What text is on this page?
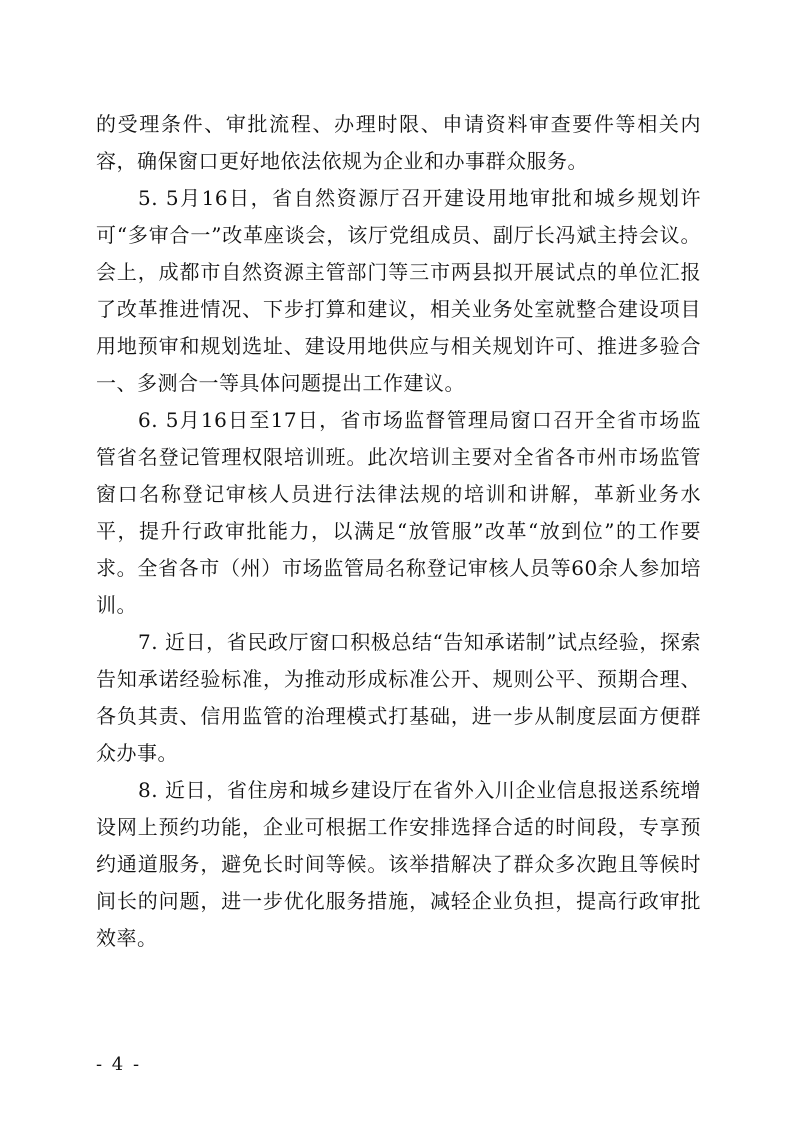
的受理条件、审批流程、办理时限、申请资料审查要件等相关内容，确保窗口更好地依法依规为企业和办事群众服务。

5. 5月16日，省自然资源厅召开建设用地审批和城乡规划许可“多审合一”改革座谈会，该厅党组成员、副厅长冯斌主持会议。会上，成都市自然资源主管部门等三市两县拟开展试点的单位汇报了改革推进情况、下步打算和建议，相关业务处室就整合建设项目用地预审和规划选址、建设用地供应与相关规划许可、推进多验合一、多测合一等具体问题提出工作建议。

6. 5月16日至17日，省市场监督管理局窗口召开全省市场监管省名登记管理权限培训班。此次培训主要对全省各市州市场监管窗口名称登记审核人员进行法律法规的培训和讲解，革新业务水平，提升行政审批能力，以满足“放管服”改革“放到位”的工作要求。全省各市（州）市场监管局名称登记审核人员等60余人参加培训。

7. 近日，省民政厅窗口积极总结“告知承诺制”试点经验，探索告知承诺经验标准，为推动形成标准公开、规则公平、预期合理、各负其责、信用监管的治理模式打基础，进一步从制度层面方便群众办事。

8. 近日，省住房和城乡建设厅在省外入川企业信息报送系统增设网上预约功能，企业可根据工作安排选择合适的时间段，专享预约通道服务，避免长时间等候。该举措解决了群众多次跑且等候时间长的问题，进一步优化服务措施，减轻企业负担，提高行政审批效率。

- 4 -
